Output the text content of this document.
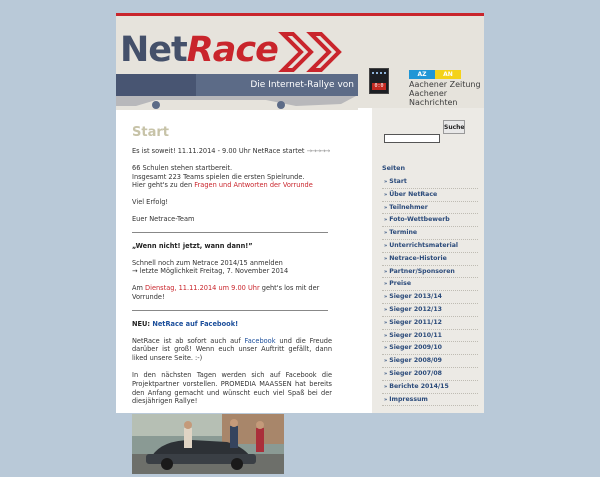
NetRace
Die Internet-Rallye von	0:0
AZ	AN
Aachener Zeitung
Aachener Nachrichten
Start
Es ist soweit! 11.11.2014 - 9.00 Uhr NetRace startet →→→→→
66 Schulen stehen startbereit.
Insgesamt 223 Teams spielen die ersten Spielrunde.
Hier geht's zu den Fragen und Antworten der Vorrunde
Viel Erfolg!
Euer Netrace-Team
„Wenn nicht! jetzt, wann dann!”
Schnell noch zum Netrace 2014/15 anmelden
→ letzte Möglichkeit Freitag, 7. November 2014
Am Dienstag, 11.11.2014 um 9.00 Uhr geht's los mit der Vorrunde!
NEU: NetRace auf Facebook!
NetRace ist ab sofort auch auf Facebook und die Freude darüber ist groß! Wenn euch unser Auftritt gefällt, dann liked unsere Seite. :-)
In den nächsten Tagen werden sich auf Facebook die Projektpartner vorstellen. PROMEDIA MAASSEN hat bereits den Anfang gemacht und wünscht euch viel Spaß bei der diesjährigen Rallye!
Suche
Seiten
» Start
» Über NetRace
» Teilnehmer
» Foto-Wettbewerb
» Termine
» Unterrichtsmaterial
» Netrace-Historie
» Partner/Sponsoren
» Preise
» Sieger 2013/14
» Sieger 2012/13
» Sieger 2011/12
» Sieger 2010/11
» Sieger 2009/10
» Sieger 2008/09
» Sieger 2007/08
» Berichte 2014/15
» Impressum
